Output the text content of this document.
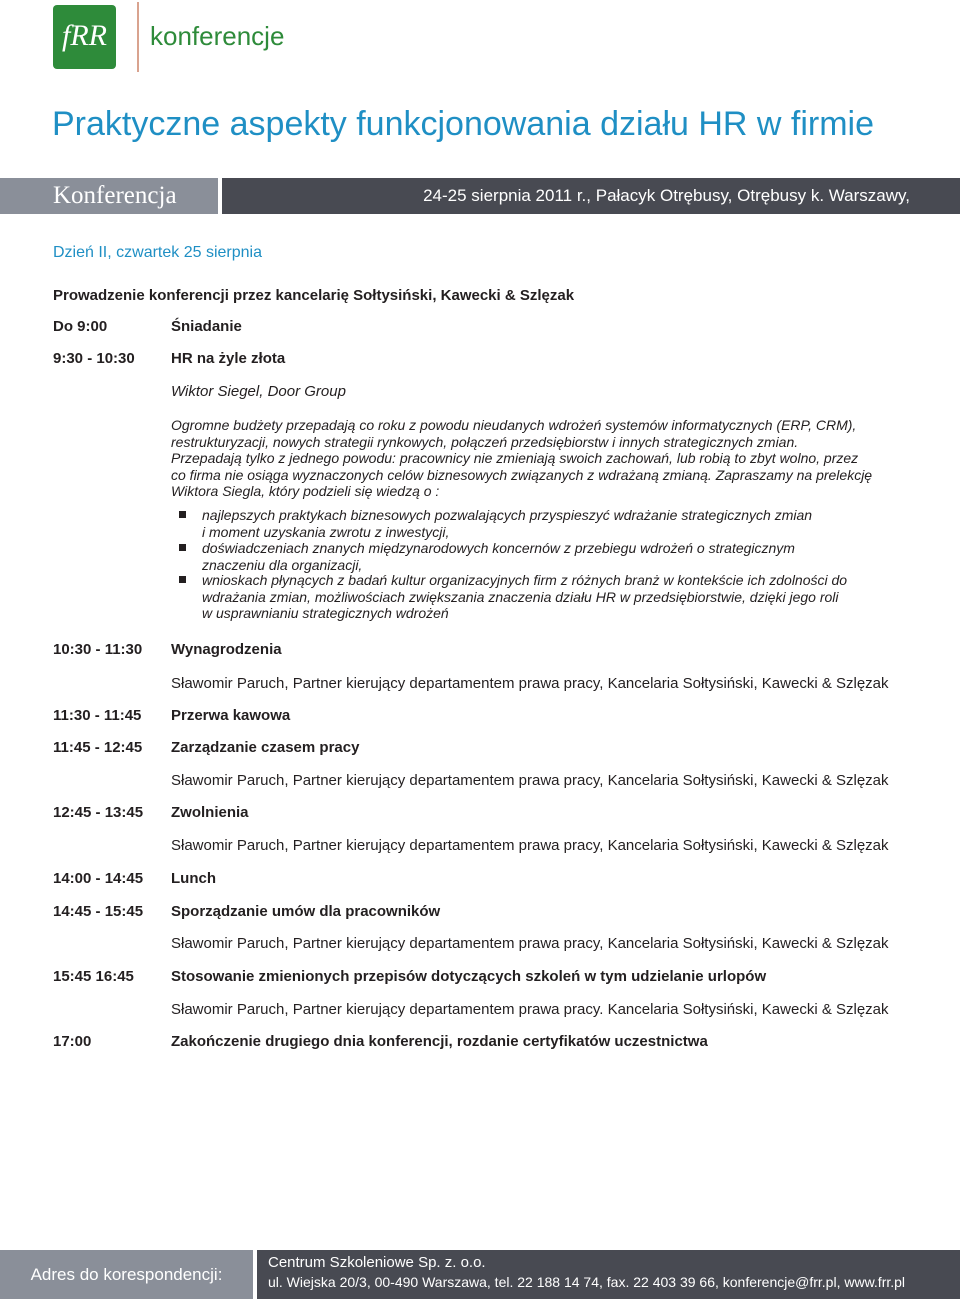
fRR	konferencje
Praktyczne aspekty funkcjonowania działu HR w firmie
Konferencja	24-25 sierpnia 2011 r., Pałacyk Otrębusy, Otrębusy k. Warszawy,
Dzień II, czwartek 25 sierpnia
Prowadzenie konferencji przez kancelarię Sołtysiński, Kawecki & Szlęzak
Do 9:00	Śniadanie
9:30 - 10:30 HR na żyle złota
Wiktor Siegel, Door Group
Ogromne budżety przepadają co roku z powodu nieudanych wdrożeń systemów informatycznych (ERP, CRM),
restrukturyzacji, nowych strategii rynkowych, połączeń przedsiębiorstw i innych strategicznych zmian.
Przepadają tylko z jednego powodu: pracownicy nie zmieniają swoich zachowań, lub robią to zbyt wolno, przez
co firma nie osiąga wyznaczonych celów biznesowych związanych z wdrażaną zmianą. Zapraszamy na prelekcję
Wiktora Siegla, który podzieli się wiedzą o :
najlepszych praktykach biznesowych pozwalających przyspieszyć wdrażanie strategicznych zmian
i moment uzyskania zwrotu z inwestycji,
doświadczeniach znanych międzynarodowych koncernów z przebiegu wdrożeń o strategicznym
znaczeniu dla organizacji,
wnioskach płynących z badań kultur organizacyjnych firm z różnych branż w kontekście ich zdolności do
wdrażania zmian, możliwościach zwiększania znaczenia działu HR w przedsiębiorstwie, dzięki jego roli
w usprawnianiu strategicznych wdrożeń
10:30 - 11:30 Wynagrodzenia
Sławomir Paruch, Partner kierujący departamentem prawa pracy, Kancelaria Sołtysiński, Kawecki & Szlęzak
11:30 - 11:45 Przerwa kawowa
11:45 - 12:45 Zarządzanie czasem pracy
Sławomir Paruch, Partner kierujący departamentem prawa pracy, Kancelaria Sołtysiński, Kawecki & Szlęzak
12:45 - 13:45 Zwolnienia
Sławomir Paruch, Partner kierujący departamentem prawa pracy, Kancelaria Sołtysiński, Kawecki & Szlęzak
14:00 - 14:45 Lunch
14:45 - 15:45 Sporządzanie umów dla pracowników
Sławomir Paruch, Partner kierujący departamentem prawa pracy, Kancelaria Sołtysiński, Kawecki & Szlęzak
15:45 16:45 Stosowanie zmienionych przepisów dotyczących szkoleń w tym udzielanie urlopów
Sławomir Paruch, Partner kierujący departamentem prawa pracy. Kancelaria Sołtysiński, Kawecki & Szlęzak
17:00	Zakończenie drugiego dnia konferencji, rozdanie certyfikatów uczestnictwa
Adres do korespondencji:
Centrum Szkoleniowe Sp. z. o.o.
ul. Wiejska 20/3, 00-490 Warszawa, tel. 22 188 14 74, fax. 22 403 39 66, konferencje@frr.pl, www.frr.pl
